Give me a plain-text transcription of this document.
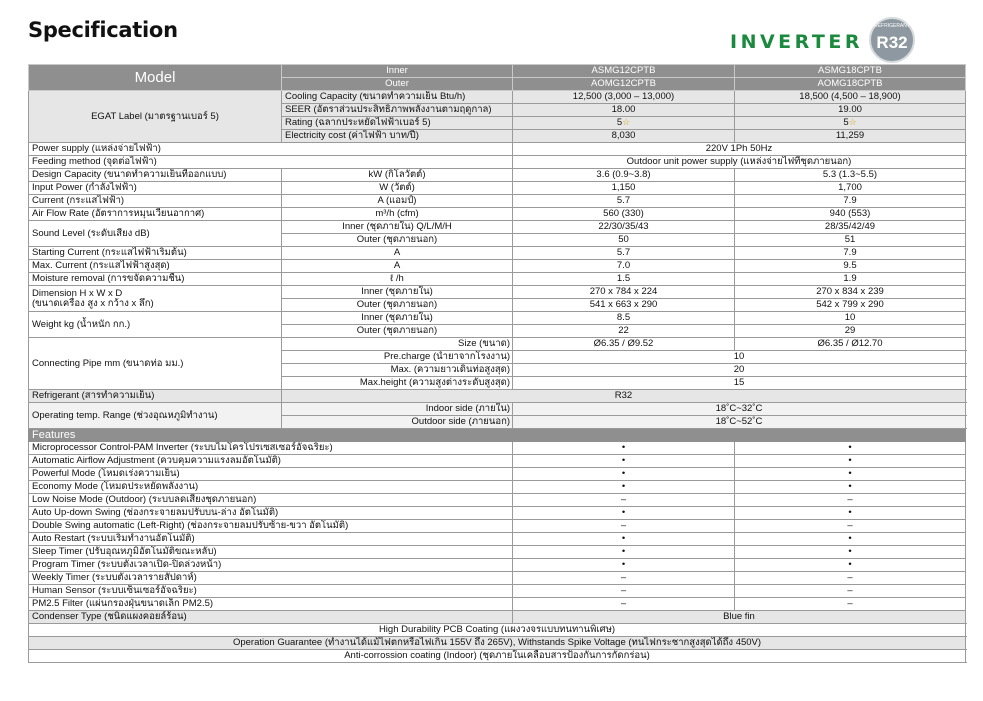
Specification	INVERTER
REFRIGERANT
R32
Model	Inner	ASMG12CPTB	ASMG18CPTB	
	Outer	AOMG12CPTB	AOMG18CPTB	
EGAT Label (มาตรฐานเบอร์ 5)	Cooling Capacity (ขนาดทำความเย็น Btu/h)	12,500 (3,000 – 13,000)	18,500 (4,500 – 18,900)	
	SEER (อัตราส่วนประสิทธิภาพพลังงานตามฤดูกาล)	18.00	19.00	
	Rating (ฉลากประหยัดไฟฟ้าเบอร์ 5)	5☆	5☆	
	Electricity cost (ค่าไฟฟ้า บาท/ปี)	8,030	11,259	
Power supply (แหล่งจ่ายไฟฟ้า)		220V 1Ph 50Hz		
Feeding method (จุดต่อไฟฟ้า)		Outdoor unit power supply (แหล่งจ่ายไฟที่ชุดภายนอก)		
Design Capacity (ขนาดทำความเย็นที่ออกแบบ)	kW (กิโลวัตต์)	3.6 (0.9~3.8)	5.3 (1.3~5.5)	
Input Power (กำลังไฟฟ้า)	W (วัตต์)	1,150	1,700	
Current (กระแสไฟฟ้า)	A (แอมป์)	5.7	7.9	
Air Flow Rate (อัตราการหมุนเวียนอากาศ)	m³/h (cfm)	560 (330)	940 (553)	
Sound Level (ระดับเสียง dB)	Inner (ชุดภายใน) Q/L/M/H	22/30/35/43	28/35/42/49	
	Outer (ชุดภายนอก)	50	51	
Starting Current (กระแสไฟฟ้าเริ่มต้น)	A	5.7	7.9	
Max. Current (กระแสไฟฟ้าสูงสุด)	A	7.0	9.5	
Moisture removal (การขจัดความชื้น)	ℓ /h	1.5	1.9	

Dimension H x W x D
(ขนาดเครื่อง สูง x กว้าง x ลึก)	Inner (ชุดภายใน)	270 x 784 x 224	270 x 834 x 239	
	Outer (ชุดภายนอก)	541 x 663 x 290	542 x 799 x 290	
Weight kg (น้ำหนัก กก.)	Inner (ชุดภายใน)	8.5	10	
	Outer (ชุดภายนอก)	22	29	
Connecting Pipe mm (ขนาดท่อ มม.)	Size (ขนาด)	Ø6.35 / Ø9.52	Ø6.35 / Ø12.70	
	Pre.charge (น้ำยาจากโรงงาน)	10		
	Max. (ความยาวเดินท่อสูงสุด)	20		
	Max.height (ความสูงต่างระดับสูงสุด)	15		
Refrigerant (สารทำความเย็น)	R32			
Operating temp. Range (ช่วงอุณหภูมิทำงาน)	Indoor side (ภายใน)	18˚C~32˚C		
	Outdoor side (ภายนอก)	18˚C~52˚C		
Features				
Microprocessor Control-PAM Inverter (ระบบไมโครโปรเซสเซอร์อัจฉริยะ)		•	•	
Automatic Airflow Adjustment (ควบคุมความแรงลมอัตโนมัติ)		•	•	
Powerful Mode (โหมดเร่งความเย็น)		•	•	
Economy Mode (โหมดประหยัดพลังงาน)		•	•	
Low Noise Mode (Outdoor) (ระบบลดเสียงชุดภายนอก)		–	–	
Auto Up-down Swing (ช่องกระจายลมปรับบน-ล่าง อัตโนมัติ)		•	•	
Double Swing automatic (Left-Right) (ช่องกระจายลมปรับซ้าย-ขวา อัตโนมัติ)		–	–	
Auto Restart (ระบบเริ่มทำงานอัตโนมัติ)		•	•	
Sleep Timer (ปรับอุณหภูมิอัตโนมัติขณะหลับ)		•	•	
Program Timer (ระบบตั้งเวลาเปิด-ปิดล่วงหน้า)		•	•	
Weekly Timer (ระบบตั้งเวลารายสัปดาห์)		–	–	
Human Sensor (ระบบเซ็นเซอร์อัจฉริยะ)		–	–	
PM2.5 Filter (แผ่นกรองฝุ่นขนาดเล็ก PM2.5)		–	–	
Condenser Type (ชนิดแผงคอยล์ร้อน)		Blue fin		
High Durability PCB Coating (แผงวงจรแบบทนทานพิเศษ)				
Operation Guarantee (ทำงานได้แม้ไฟตกหรือไฟเกิน 155V ถึง 265V), Withstands Spike Voltage (ทนไฟกระชากสูงสุดได้ถึง 450V)				
Anti-corrossion coating (Indoor) (ชุดภายในเคลือบสารป้องกันการกัดกร่อน)				
